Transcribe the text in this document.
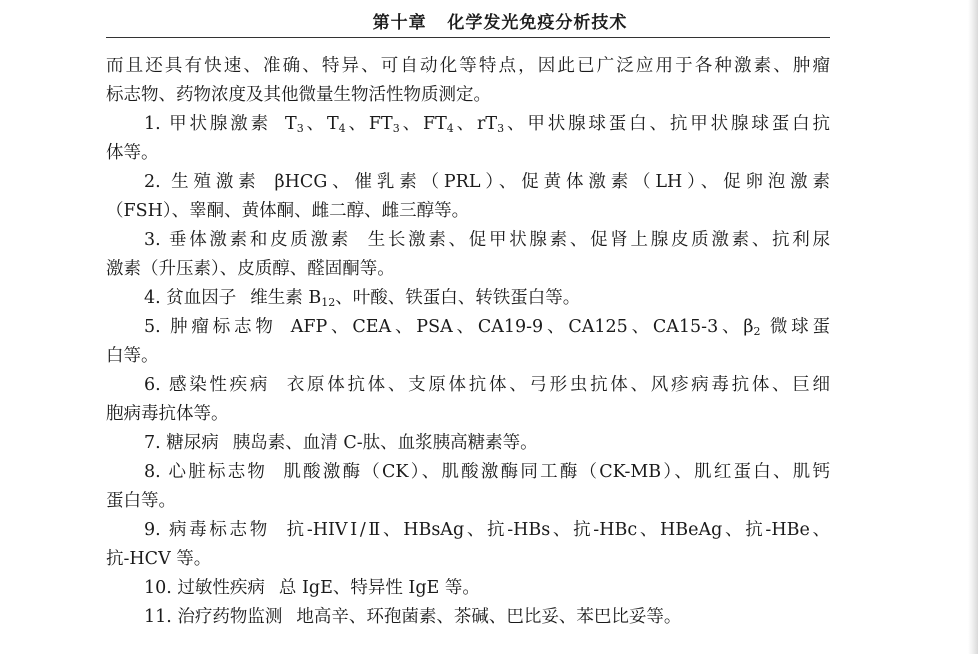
第十章 化学发光免疫分析技术
而且还具有快速、准确、特异、可自动化等特点，因此已广泛应用于各种激素、肿瘤
标志物、药物浓度及其他微量生物活性物质测定。
1. 甲状腺激素 $T_3$、$T_4$、$FT_3$、$FT_4$、$rT_3$、甲状腺球蛋白、抗甲状腺球蛋白抗
体等。
2. 生殖激素 βHCG、催乳素（PRL）、促黄体激素（LH）、促卵泡激素
（FSH）、睾酮、黄体酮、雌二醇、雌三醇等。
3. 垂体激素和皮质激素 生长激素、促甲状腺素、促肾上腺皮质激素、抗利尿
激素（升压素）、皮质醇、醛固酮等。
4. 贫血因子 维生素 $B_{12}$、叶酸、铁蛋白、转铁蛋白等。
5. 肿瘤标志物 AFP、CEA、PSA、CA19-9、CA125、CA15-3、$\beta_2$ 微球蛋
白等。
6. 感染性疾病 衣原体抗体、支原体抗体、弓形虫抗体、风疹病毒抗体、巨细
胞病毒抗体等。
7. 糖尿病 胰岛素、血清 C-肽、血浆胰高糖素等。
8. 心脏标志物 肌酸激酶（CK）、肌酸激酶同工酶（CK-MB）、肌红蛋白、肌钙
蛋白等。
9. 病毒标志物 抗-HIVⅠ/Ⅱ、HBsAg、抗-HBs、抗-HBc、HBeAg、抗-HBe、
抗-HCV 等。
10. 过敏性疾病 总 IgE、特异性 IgE 等。
11. 治疗药物监测 地高辛、环孢菌素、茶碱、巴比妥、苯巴比妥等。
